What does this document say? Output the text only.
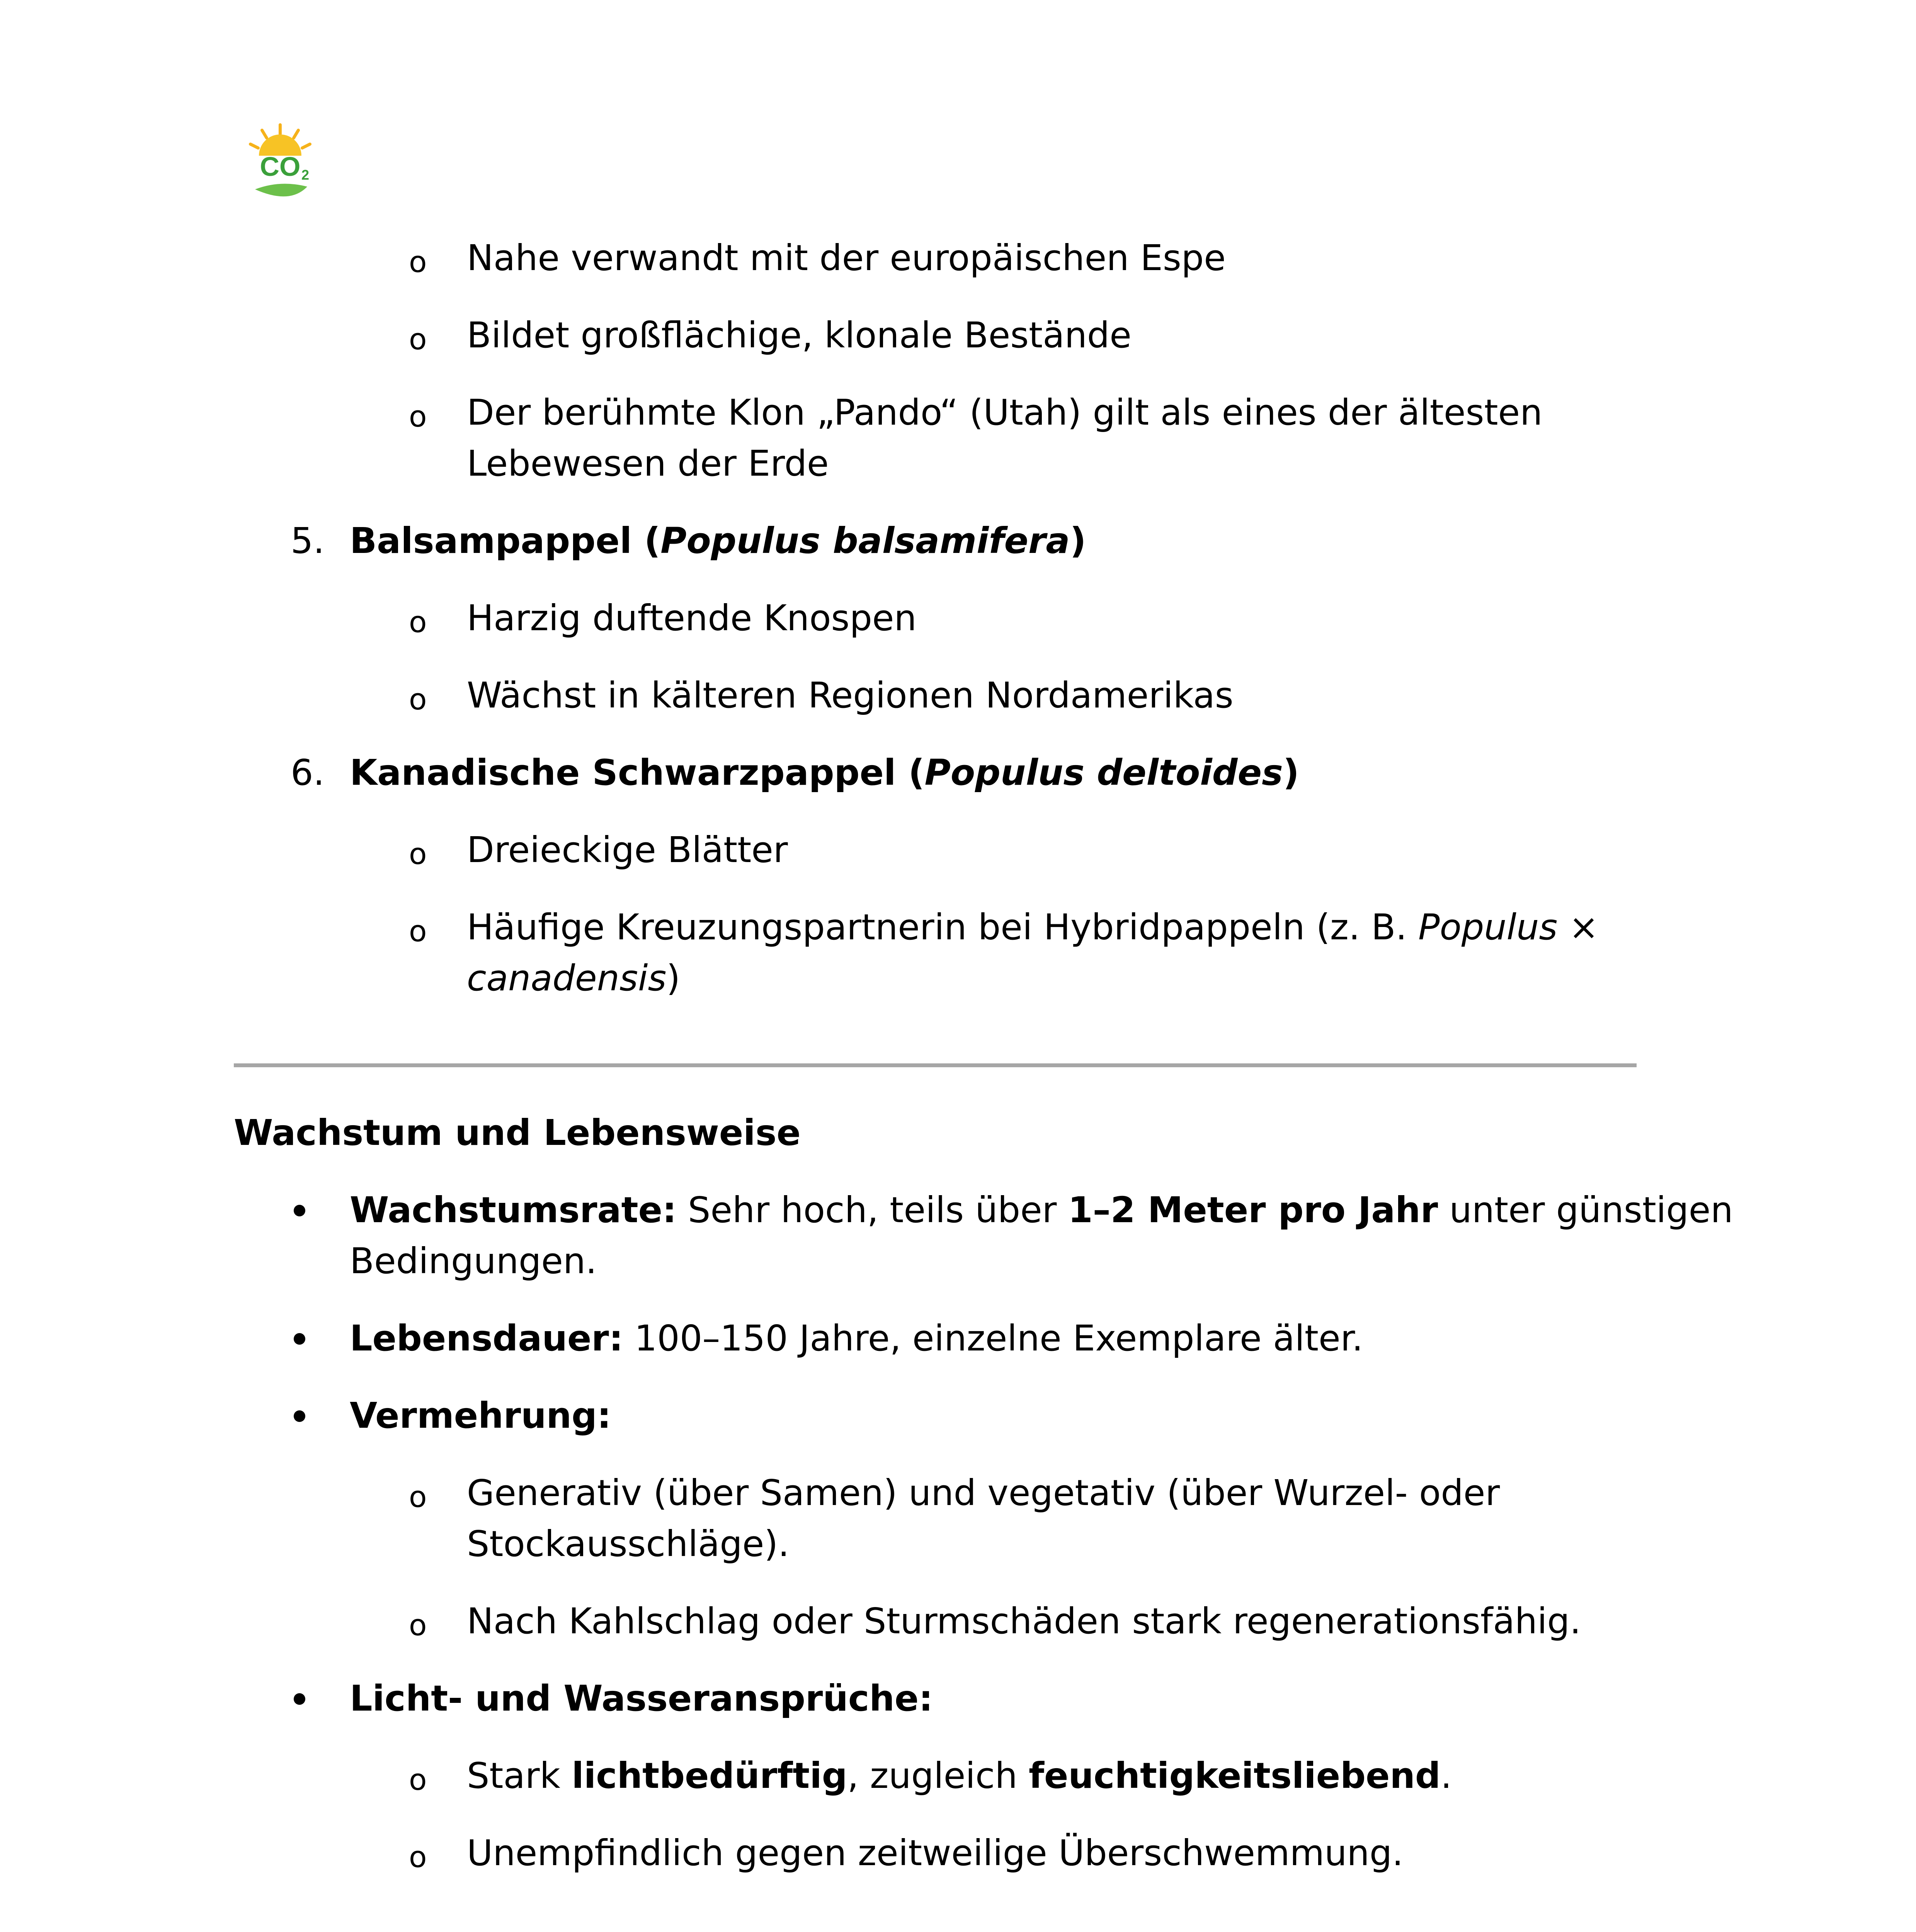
CO 2
o Nahe verwandt mit der europäischen Espe
o Bildet großflächige, klonale Bestände
o Der berühmte Klon „Pando“ (Utah) gilt als eines der ältesten
Lebewesen der Erde
5. Balsampappel (Populus balsamifera)
o Harzig duftende Knospen
o Wächst in kälteren Regionen Nordamerikas
6. Kanadische Schwarzpappel (Populus deltoides)
o Dreieckige Blätter
o Häufige Kreuzungspartnerin bei Hybridpappeln (z. B. Populus ×
canadensis)
Wachstum und Lebensweise
Wachstumsrate: Sehr hoch, teils über 1–2 Meter pro Jahr unter günstigen
Bedingungen.
Lebensdauer: 100–150 Jahre, einzelne Exemplare älter.
Vermehrung:
o Generativ (über Samen) und vegetativ (über Wurzel- oder
Stockausschläge).
o Nach Kahlschlag oder Sturmschäden stark regenerationsfähig.
Licht- und Wasseransprüche:
o Stark lichtbedürftig, zugleich feuchtigkeitsliebend.
o Unempfindlich gegen zeitweilige Überschwemmung.
